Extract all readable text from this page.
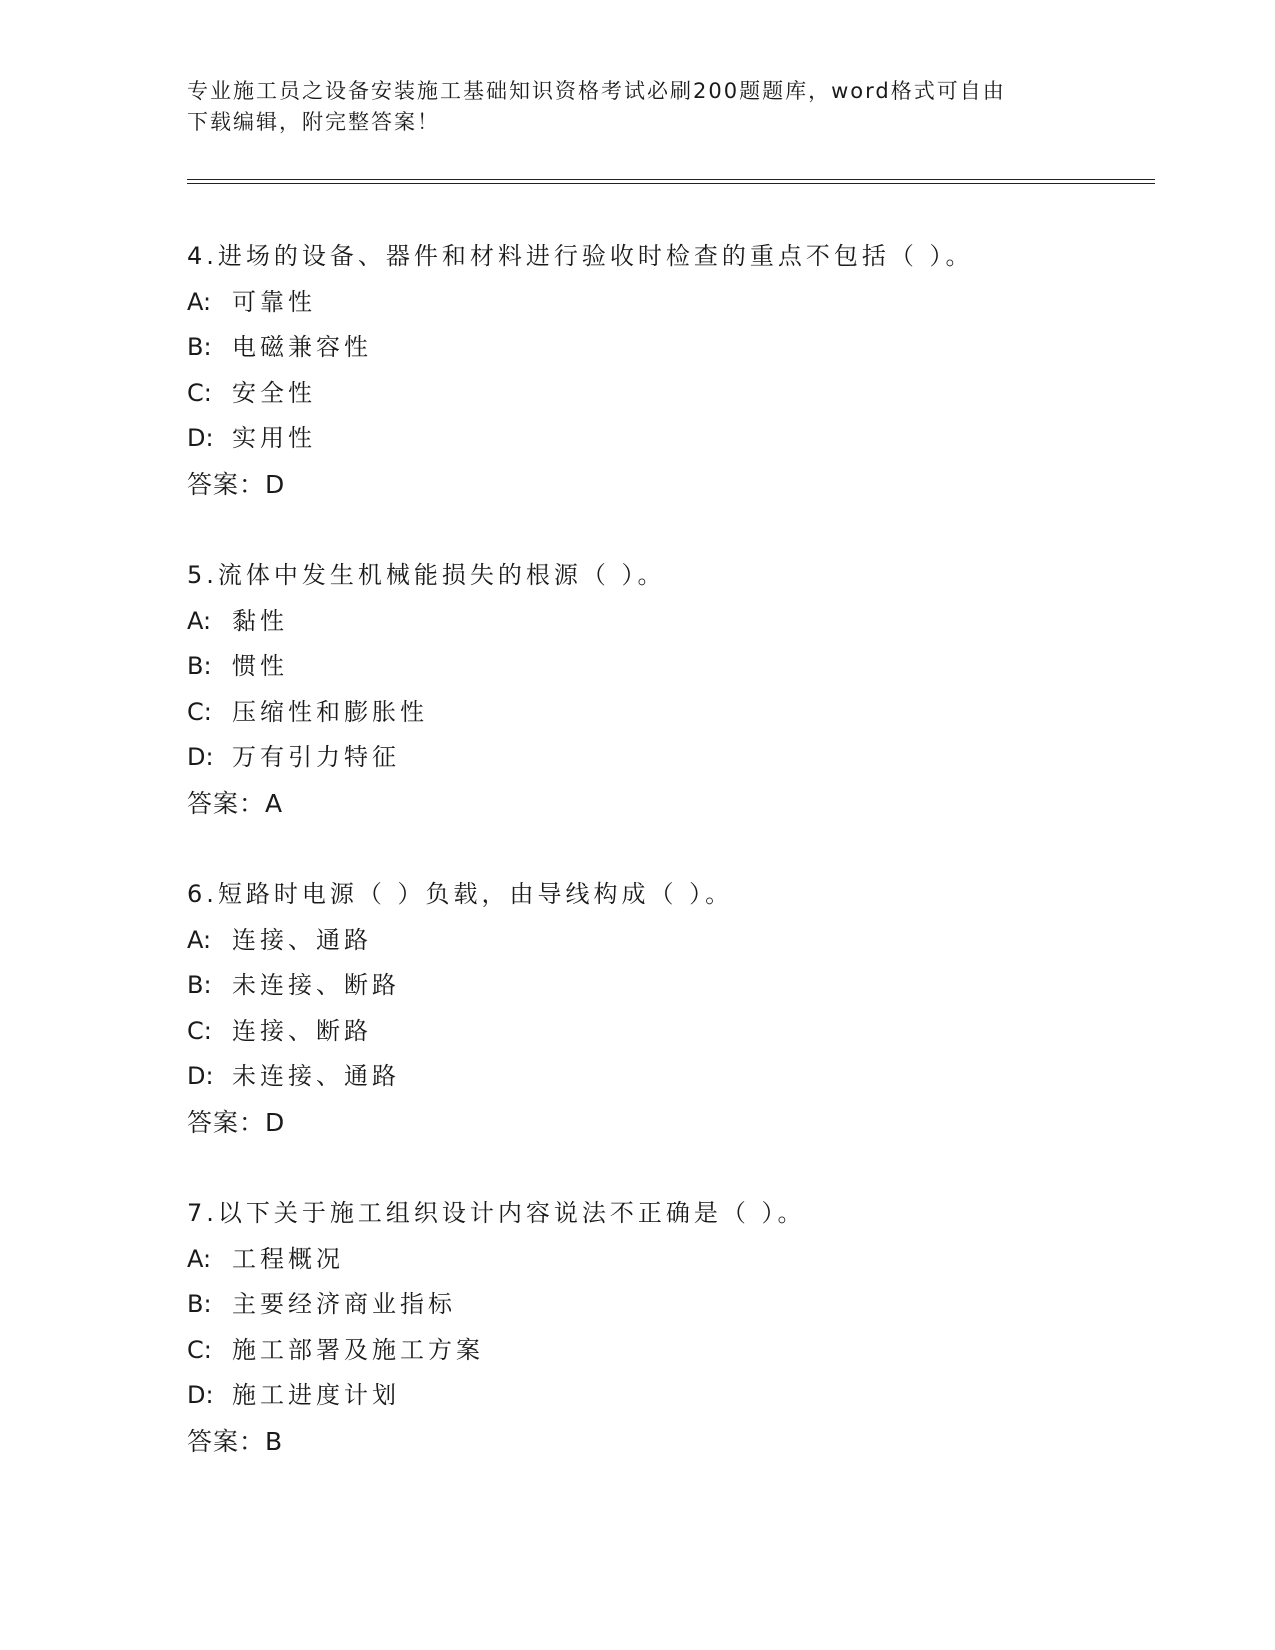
专业施工员之设备安装施工基础知识资格考试必刷200题题库，word格式可自由
下载编辑，附完整答案！
4.进场的设备、器件和材料进行验收时检查的重点不包括（ ）。
A: 可靠性
B: 电磁兼容性
C: 安全性
D: 实用性
答案：D
5.流体中发生机械能损失的根源（ ）。
A: 黏性
B: 惯性
C: 压缩性和膨胀性
D: 万有引力特征
答案：A
6.短路时电源（ ）负载，由导线构成（ ）。
A: 连接、通路
B: 未连接、断路
C: 连接、断路
D: 未连接、通路
答案：D
7.以下关于施工组织设计内容说法不正确是（ ）。
A: 工程概况
B: 主要经济商业指标
C: 施工部署及施工方案
D: 施工进度计划
答案：B
